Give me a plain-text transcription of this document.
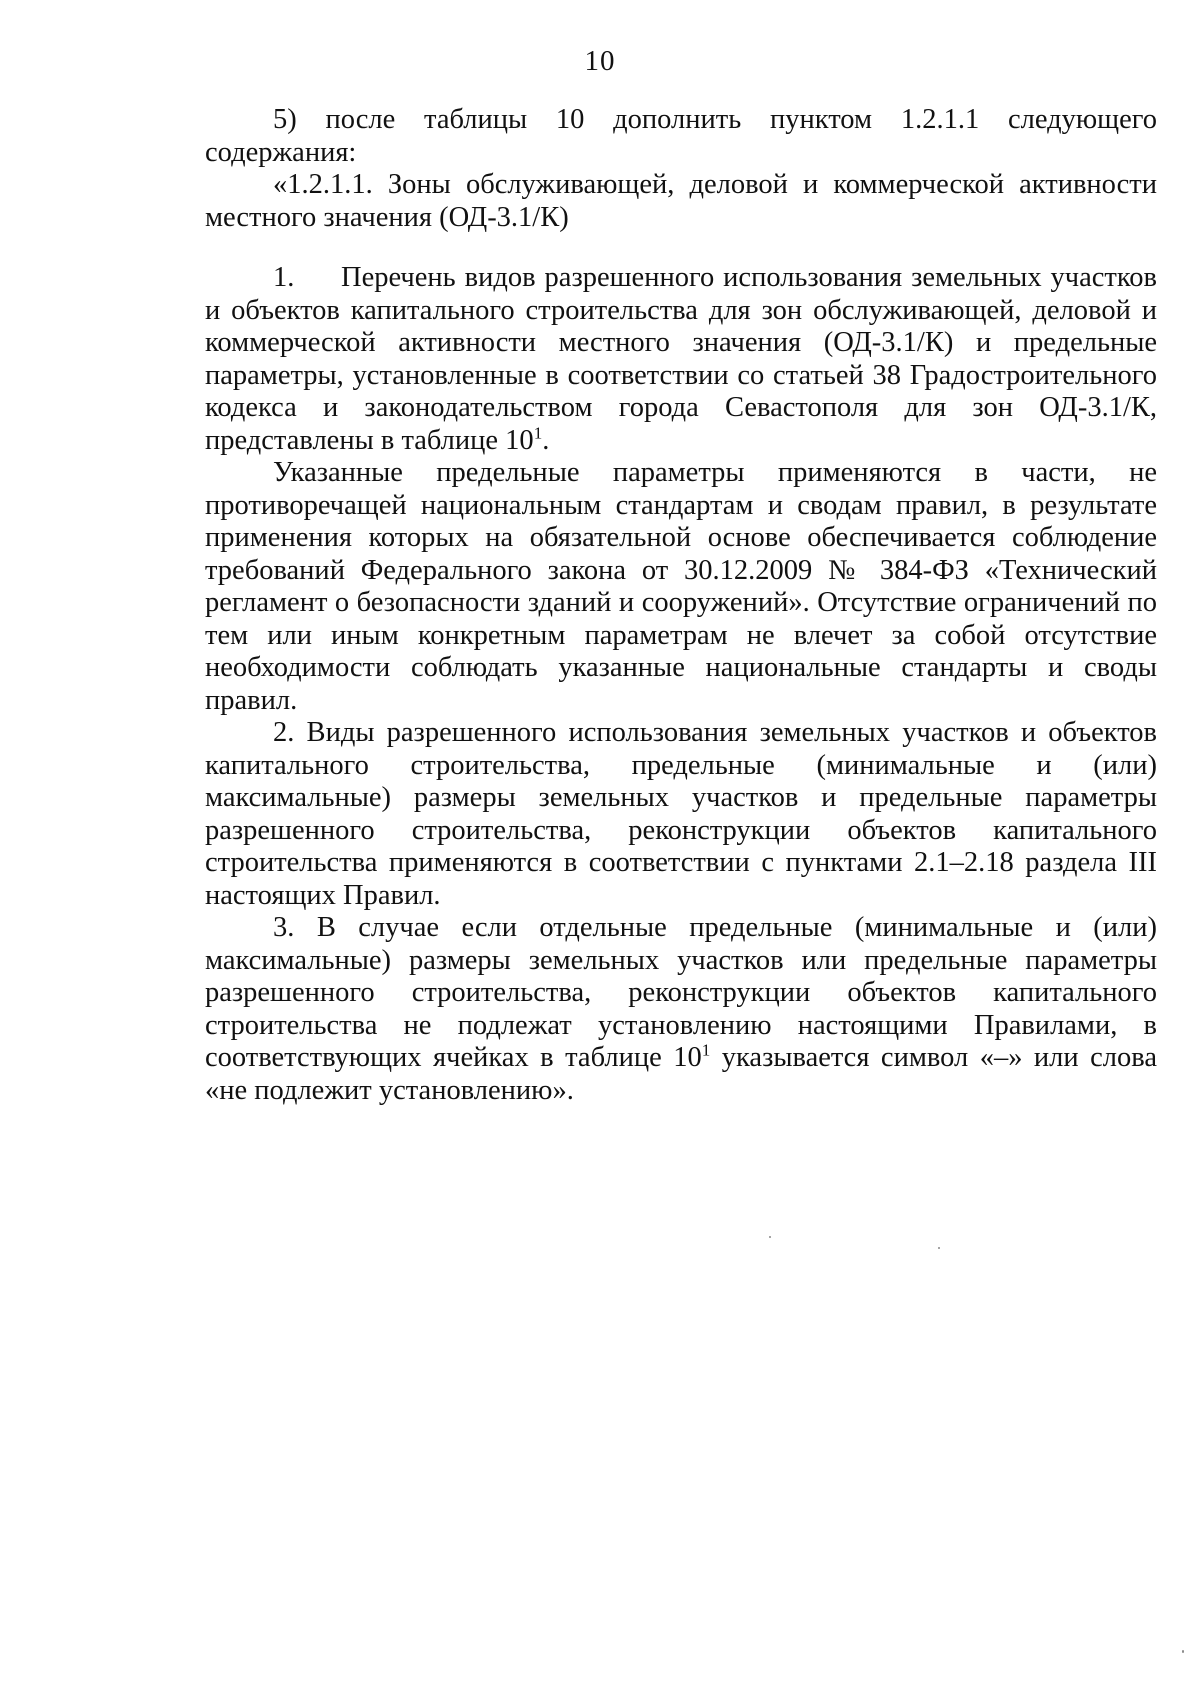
10

5) после таблицы 10 дополнить пунктом 1.2.1.1 следующего содержания:

«1.2.1.1. Зоны обслуживающей, деловой и коммерческой активности местного значения (ОД-3.1/К)

1. Перечень видов разрешенного использования земельных участков и объектов капитального строительства для зон обслуживающей, деловой и коммерческой активности местного значения (ОД-3.1/К) и предельные параметры, установленные в соответствии со статьей 38 Градостроительного кодекса и законодательством города Севастополя для зон ОД-3.1/К, представлены в таблице $10^1$.

Указанные предельные параметры применяются в части, не противоречащей национальным стандартам и сводам правил, в результате применения которых на обязательной основе обеспечивается соблюдение требований Федерального закона от 30.12.2009 № 384-ФЗ «Технический регламент о безопасности зданий и сооружений». Отсутствие ограничений по тем или иным конкретным параметрам не влечет за собой отсутствие необходимости соблюдать указанные национальные стандарты и своды правил.

2. Виды разрешенного использования земельных участков и объектов капитального строительства, предельные (минимальные и (или) максимальные) размеры земельных участков и предельные параметры разрешенного строительства, реконструкции объектов капитального строительства применяются в соответствии с пунктами 2.1–2.18 раздела III настоящих Правил.

3. В случае если отдельные предельные (минимальные и (или) максимальные) размеры земельных участков или предельные параметры разрешенного строительства, реконструкции объектов капитального строительства не подлежат установлению настоящими Правилами, в соответствующих ячейках в таблице $10^1$ указывается символ «–» или слова «не подлежит установлению».
